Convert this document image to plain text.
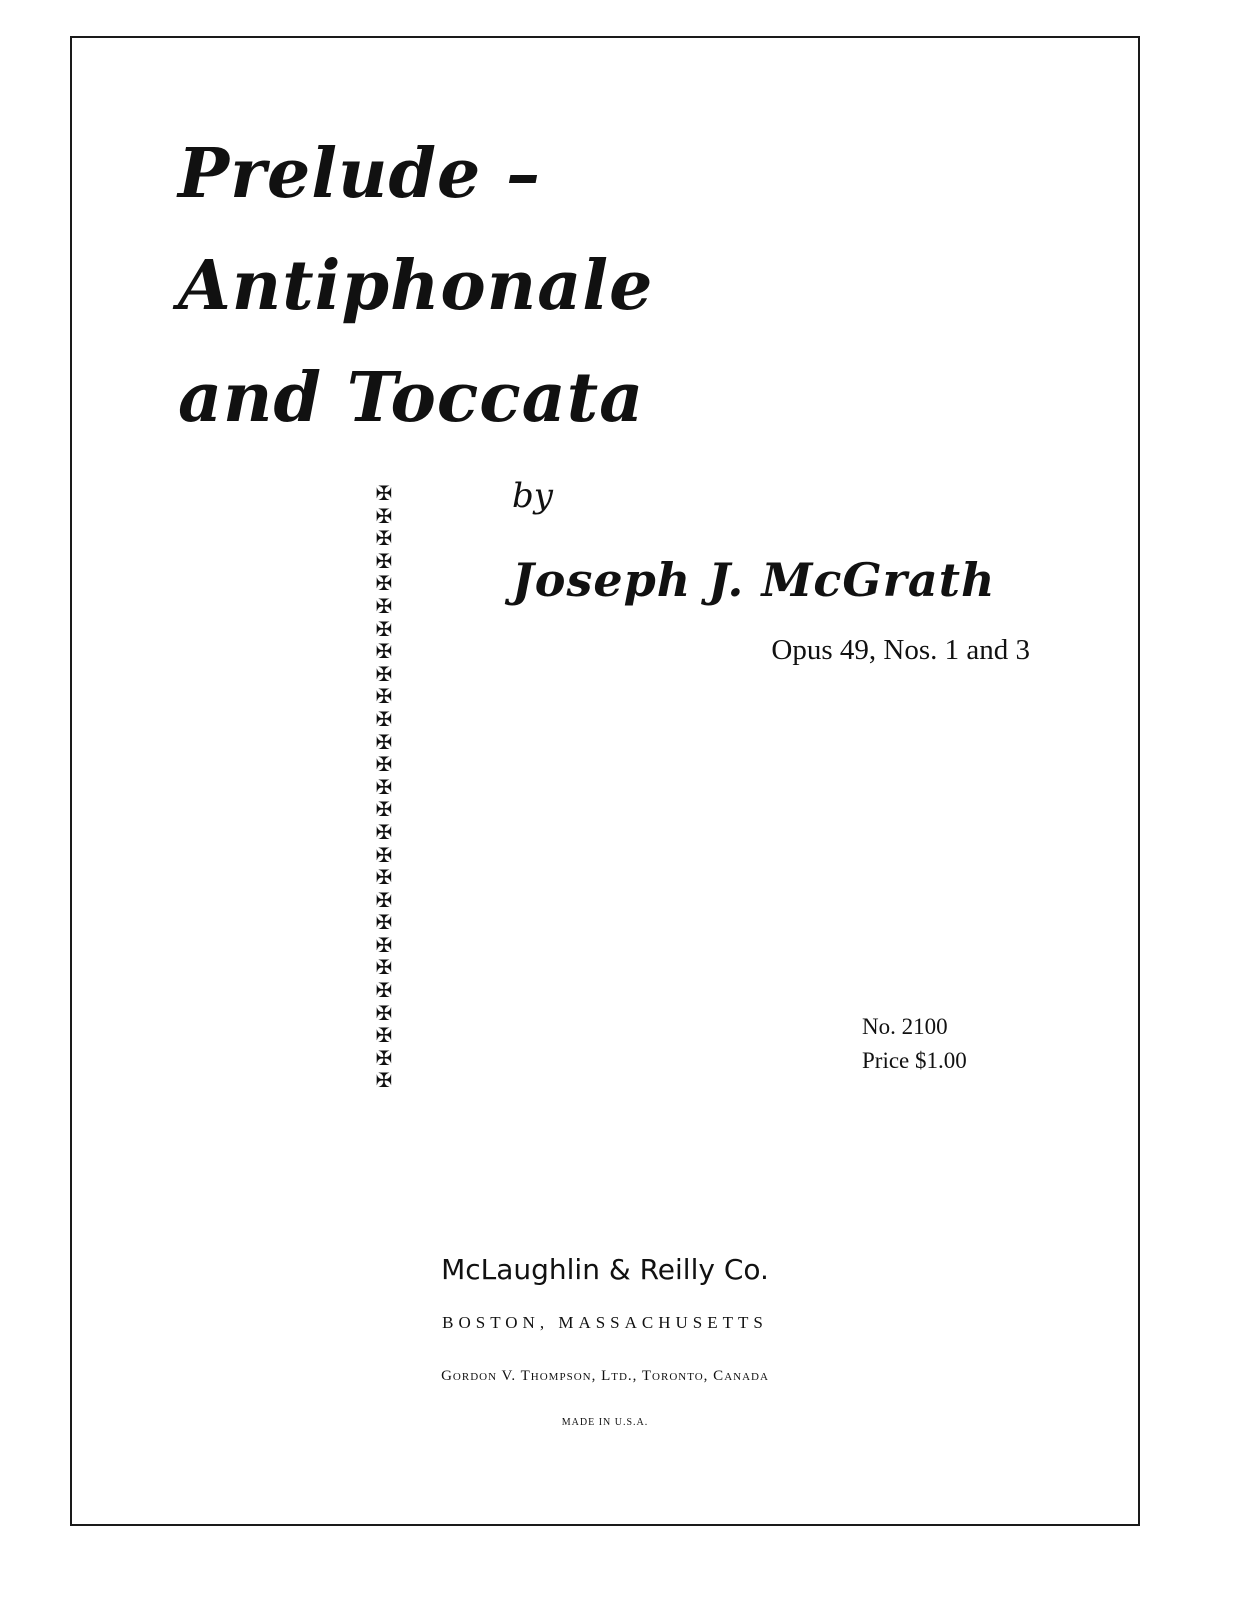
Prelude –
Antiphonale
and Toccata
✠
✠
✠
✠
✠
✠
✠
✠
✠
✠
✠
✠
✠
✠
✠
✠
✠
✠
✠
✠
✠
✠
✠
✠
✠
✠
✠
by
Joseph J. McGrath
Opus 49, Nos. 1 and 3
No. 2100
Price $1.00
McLaughlin & Reilly Co.
BOSTON, MASSACHUSETTS
Gordon V. Thompson, Ltd., Toronto, Canada
MADE IN U.S.A.
